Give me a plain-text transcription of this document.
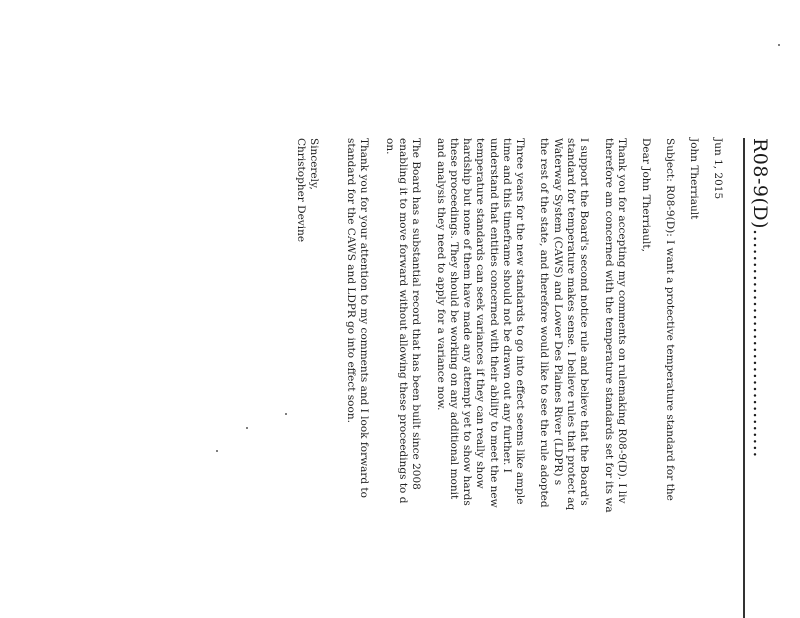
R08-9(D)...................................
Jun 1, 2015
John Therriault
Subject: R08-9(D): I want a protective temperature standard for the
Dear John Therriault,
Thank you for accepting my comments on rulemaking R08-9(D). I liv
therefore am concerned with the temperature standards set for its wa
I support the Board's second notice rule and believe that the Board's
standard for temperature makes sense. I believe rules that protect aq
Waterway System (CAWS) and Lower Des Plaines River (LDPR) s
the rest of the state, and therefore would like to see the rule adopted
Three years for the new standards to go into effect seems like ample
time and this timeframe should not be drawn out any further. I
understand that entities concerned with their ability to meet the new
temperature standards can seek variances if they can really show
hardship but none of them have made any attempt yet to show hards
these proceedings. They should be working on any additional monit
and analysis they need to apply for a variance now.
The Board has a substantial record that has been built since 2008
enabling it to move forward without allowing these proceedings to d
on.
Thank you for your attention to my comments and I look forward to
standard for the CAWS and LDPR go into effect soon.
Sincerely,
Christopher Devine
